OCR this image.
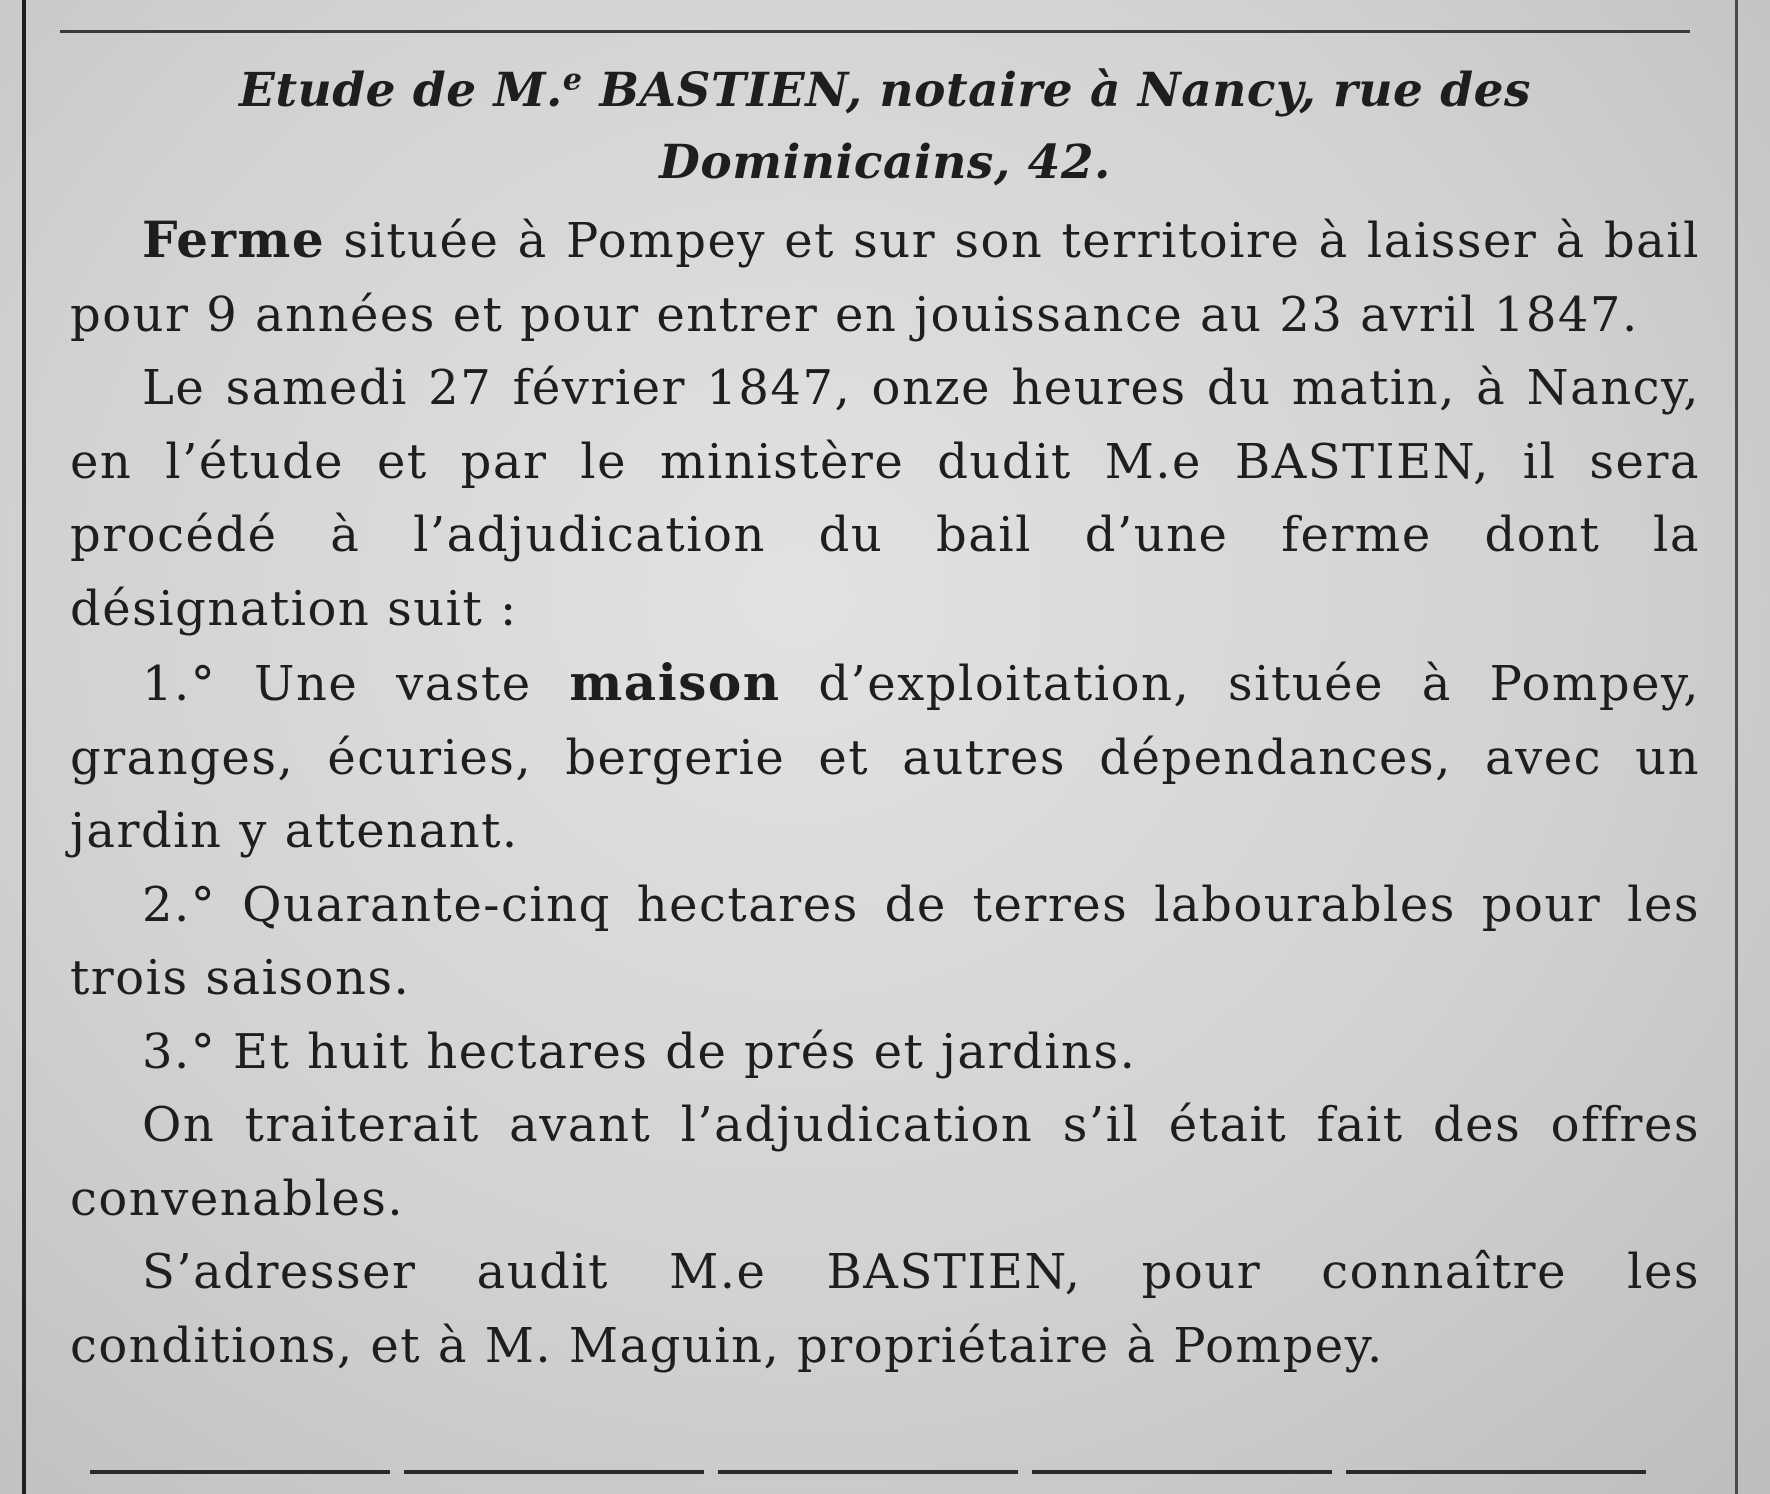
Etude de M.$^e$ BASTIEN, notaire à Nancy, rue des Dominicains, 42.

Ferme située à Pompey et sur son territoire à laisser à bail pour 9 années et pour entrer en jouissance au 23 avril 1847.

Le samedi 27 février 1847, onze heures du matin, à Nancy, en l’étude et par le ministère dudit M.e BASTIEN, il sera procédé à l’adjudication du bail d’une ferme dont la désignation suit :

1.° Une vaste maison d’exploitation, située à Pompey, granges, écuries, bergerie et autres dépendances, avec un jardin y attenant.

2.° Quarante-cinq hectares de terres labourables pour les trois saisons.

3.° Et huit hectares de prés et jardins.

On traiterait avant l’adjudication s’il était fait des offres convenables.

S’adresser audit M.e BASTIEN, pour connaître les conditions, et à M. Maguin, propriétaire à Pompey.
